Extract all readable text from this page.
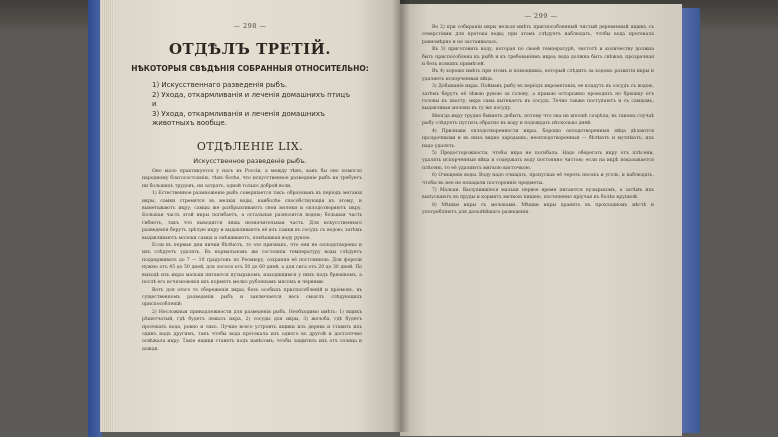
— 298 —
ОТДѢЛЪ ТРЕТІЙ.
НѢКОТОРЫЯ СВѢДѢНІЯ СОБРАННЫЯ ОТНОСИТЕЛЬНО:
1) Искусственнаго разведенія рыбъ.
2) Ухода, откармливанія и леченія домашнихъ птицъ и
3) Ухода, откармливанія и леченія домашнихъ животныхъ вообще.
ОТДѢЛЕНІЕ LIX.
Искусственное разведеніе рыбъ.

Оно мало практикуется у насъ въ Россіи, а между тѣмъ, какъ бы оно помогло народному благосостоянію, тѣмъ болѣе, что искусственное разведеніе рыбъ не требуетъ ни большихъ трудовъ, ни затратъ, одной только доброй воли.

1) Естественное размноженіе рыбъ совершается такъ: образовавъ въ періодъ метанія икры, самки стремятся въ мелкія воды, наиболѣе способствующія къ этому, и выметываютъ икру; самцы же разбрызгиваютъ свои молоки и оплодотворяютъ икру. Большая часть этой икры погибаетъ, а остальная разносится водою; большая часть гибнетъ, такъ что выводится лишь незначительная часть. Для искусственнаго разведенія берутъ зрѣлую икру и выдавливаютъ её изъ самки въ сосудъ съ водою; затѣмъ выдавливаютъ молоки самца и смѣшиваютъ, помѣшивая воду рукою.

Если въ первые дни яички бѣлѣютъ, то это признакъ, что они не оплодотворены и ихъ слѣдуетъ удалять. Въ нормальномъ же состояніи температуру воды слѣдуетъ поддерживать до 7 — 10 градусовъ по Реомюру, сохраняя её постоянною. Для форели нужно отъ 45 до 50 дней, для лосося отъ 50 до 60 дней, а для сига отъ 20 до 30 дней. По выходѣ изъ икры мальки питаются пузырькомъ, находящимся у нихъ подъ брюшкомъ, а послѣ его исчезновенія ихъ кормятъ мелко рубленымъ мясомъ и червями.

Вотъ для этого то сбереженія икры, безъ особыхъ приспособленій и пріемовъ, въ существенномъ разведеніи рыбъ и заключается весь смыслъ слѣдующихъ приспособленій:

2) Несложныя принадлежности для разведенія рыбъ. Необходимо имѣть: 1) ящикъ рѣшетчатый, гдѣ будетъ лежать икра, 2) сосуды для икры, 3) желоба, гдѣ будетъ протекать вода, ровно и тихо. Лучше всего устроить ящики изъ дерева и ставить ихъ одинъ надъ другимъ, такъ чтобы вода протекала изъ одного въ другой и достаточно освѣжала икру. Такіе ящики ставятъ подъ навѣсомъ, чтобы защитить ихъ отъ солнца и дождя.

— 299 —

Во 2) при собираніи икры нельзя имѣть приспособленный чистый деревянный ящикъ съ отверстіями для протока воды; при этомъ слѣдуетъ наблюдать, чтобы вода протекала равномѣрно и не застаивалась.

Въ 3) приготовить воду, которая по своей температурѣ, чистотѣ и количеству должна быть приспособлена къ рыбѣ и къ требованіямъ икры; вода должна быть свѣжая, прозрачная и безъ всякихъ примѣсей.

Въ 4) хорошо имѣть при этомъ и помощника, который слѣдитъ за ходомъ развитія икры и удаляетъ испорченныя яйца.

3) Добываніе икры. Поймавъ рыбу въ періодъ икрометанія, ее кладутъ въ сосудъ съ водою, затѣмъ берутъ её лѣвою рукою за голову, а правою осторожно проводятъ по брюшку отъ головы къ хвосту; икра сама вытекаетъ въ сосудъ. Точно также поступаютъ и съ самцомъ, выдавливая молоки въ ту же посуду.

Иногда икру трудно бываетъ добыть, потому что она не вполнѣ созрѣла; въ такомъ случаѣ рыбу слѣдуетъ пустить обратно въ воду и подождать нѣсколько дней.

4) Признаки оплодотворенности икры. Хорошо оплодотворенныя яйца дѣлаются прозрачными и въ нихъ видно зародышъ; неоплодотворенныя — бѣлѣютъ и мутнѣютъ, ихъ надо удалять.

5) Предосторожности, чтобы икра не погибала. Надо оберегать икру отъ плѣсени, удалять испорченныя яйца и содержать воду постоянно чистою; если на икрѣ показывается плѣсень, то её удаляютъ мягкою кисточкою.

6) Очищеніе воды. Воду надо очищать, пропуская её черезъ песокъ и уголь, и наблюдать, чтобы въ нее не попадали посторонніе предметы.

7) Мальки. Вылупившіеся мальки первое время питаются пузырькомъ, а затѣмъ ихъ выпускаютъ въ пруды и кормятъ мелкою пищею, постепенно пріучая къ болѣе крупной.

8) Мѣшки икры съ молоками. Мѣшки икры хранятъ въ прохладномъ мѣстѣ и употребляютъ для дальнѣйшаго разведенія.
